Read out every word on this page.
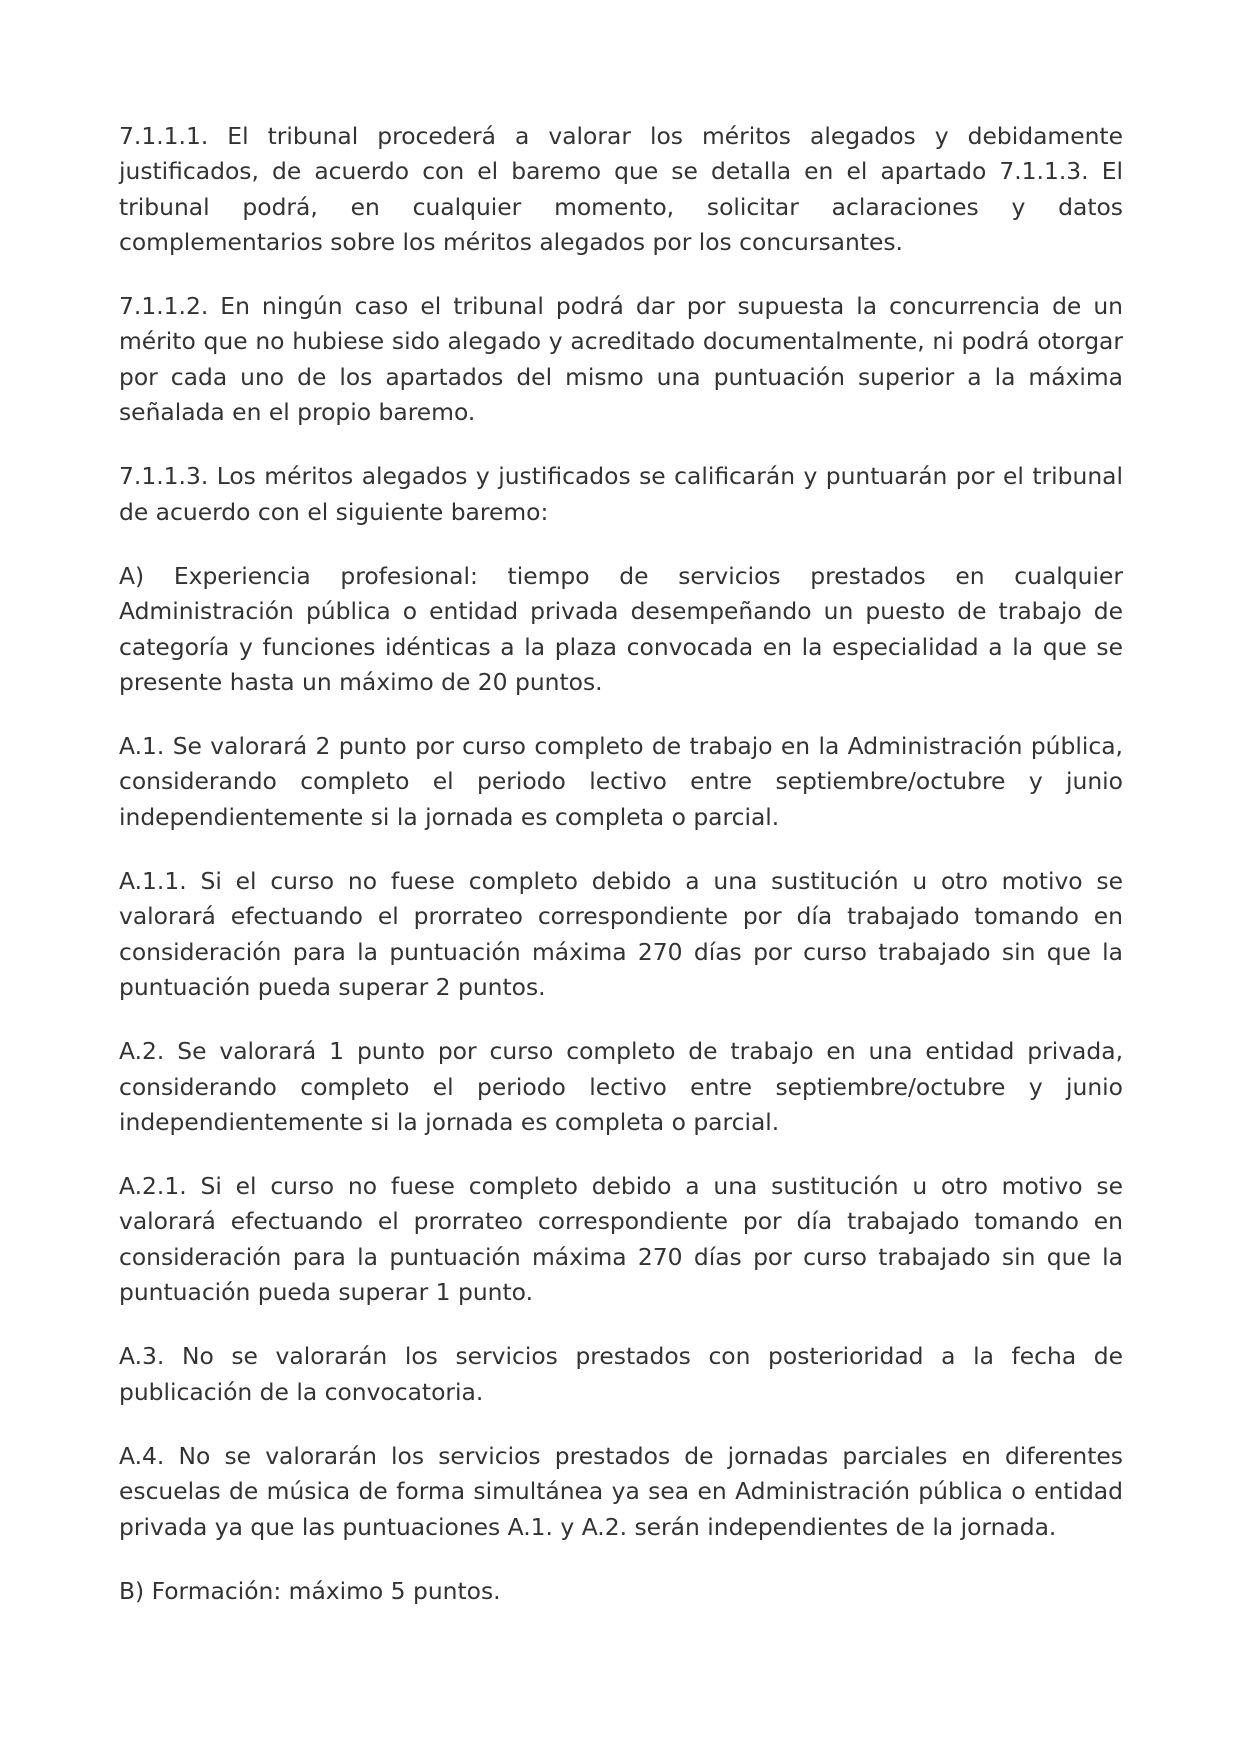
7.1.1.1. El tribunal procederá a valorar los méritos alegados y debidamente justificados, de acuerdo con el baremo que se detalla en el apartado 7.1.1.3. El tribunal podrá, en cualquier momento, solicitar aclaraciones y datos complementarios sobre los méritos alegados por los concursantes.

7.1.1.2. En ningún caso el tribunal podrá dar por supuesta la concurrencia de un mérito que no hubiese sido alegado y acreditado documentalmente, ni podrá otorgar por cada uno de los apartados del mismo una puntuación superior a la máxima señalada en el propio baremo.

7.1.1.3. Los méritos alegados y justificados se calificarán y puntuarán por el tribunal de acuerdo con el siguiente baremo:

A) Experiencia profesional: tiempo de servicios prestados en cualquier Administración pública o entidad privada desempeñando un puesto de trabajo de categoría y funciones idénticas a la plaza convocada en la especialidad a la que se presente hasta un máximo de 20 puntos.

A.1. Se valorará 2 punto por curso completo de trabajo en la Administración pública, considerando completo el periodo lectivo entre septiembre/octubre y junio independientemente si la jornada es completa o parcial.

A.1.1. Si el curso no fuese completo debido a una sustitución u otro motivo se valorará efectuando el prorrateo correspondiente por día trabajado tomando en consideración para la puntuación máxima 270 días por curso trabajado sin que la puntuación pueda superar 2 puntos.

A.2. Se valorará 1 punto por curso completo de trabajo en una entidad privada, considerando completo el periodo lectivo entre septiembre/octubre y junio independientemente si la jornada es completa o parcial.

A.2.1. Si el curso no fuese completo debido a una sustitución u otro motivo se valorará efectuando el prorrateo correspondiente por día trabajado tomando en consideración para la puntuación máxima 270 días por curso trabajado sin que la puntuación pueda superar 1 punto.

A.3. No se valorarán los servicios prestados con posterioridad a la fecha de publicación de la convocatoria.

A.4. No se valorarán los servicios prestados de jornadas parciales en diferentes escuelas de música de forma simultánea ya sea en Administración pública o entidad privada ya que las puntuaciones A.1. y A.2. serán independientes de la jornada.

B) Formación: máximo 5 puntos.
